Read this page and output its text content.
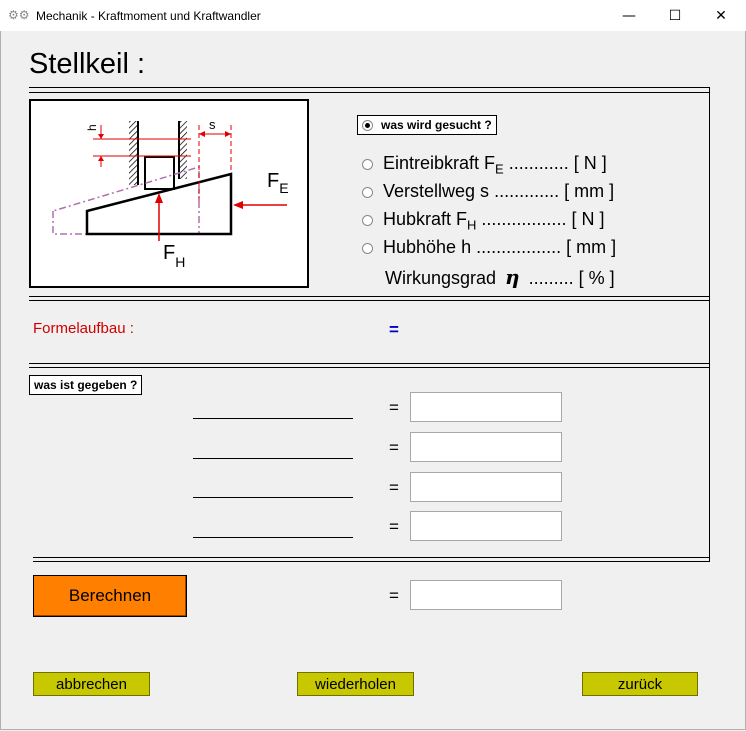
⚙⚙ Mechanik - Kraftmoment und Kraftwandler	—	☐	✕
Stellkeil :
h	s
$F_E$
$F_H$
was wird gesucht ?
Eintreibkraft $F_E$ ............ [ N ]
Verstellweg s ............. [ mm ]
Hubkraft $F_H$ ................. [ N ]
Hubhöhe h ................. [ mm ]
Wirkungsgrad η ......... [ % ]
Formelaufbau :	=
was ist gegeben ?
=
=
=
=
Berechnen	=
abbrechen	wiederholen	zurück
